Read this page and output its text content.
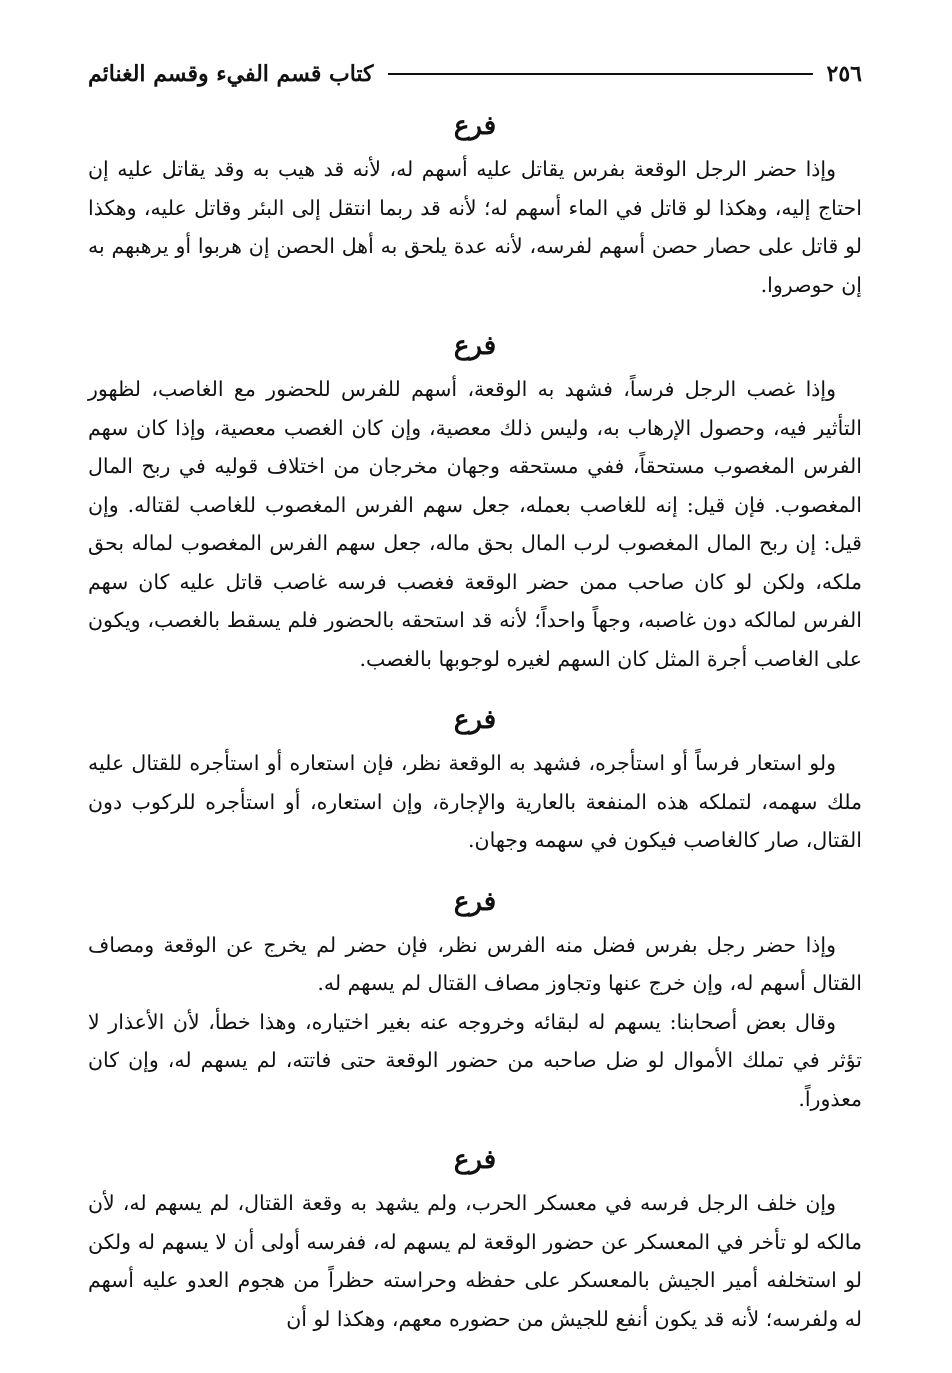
٢٥٦
كتاب قسم الفيء وقسم الغنائم
فرع

وإذا حضر الرجل الوقعة بفرس يقاتل عليه أسهم له، لأنه قد هيب به وقد يقاتل عليه إن احتاج إليه، وهكذا لو قاتل في الماء أسهم له؛ لأنه قد ربما انتقل إلى البئر وقاتل عليه، وهكذا لو قاتل على حصار حصن أسهم لفرسه، لأنه عدة يلحق به أهل الحصن إن هربوا أو يرهبهم به إن حوصروا.

فرع

وإذا غصب الرجل فرساً، فشهد به الوقعة، أسهم للفرس للحضور مع الغاصب، لظهور التأثير فيه، وحصول الإرهاب به، وليس ذلك معصية، وإن كان الغصب معصية، وإذا كان سهم الفرس المغصوب مستحقاً، ففي مستحقه وجهان مخرجان من اختلاف قوليه في ربح المال المغصوب. فإن قيل: إنه للغاصب بعمله، جعل سهم الفرس المغصوب للغاصب لقتاله. وإن قيل: إن ربح المال المغصوب لرب المال بحق ماله، جعل سهم الفرس المغصوب لماله بحق ملكه، ولكن لو كان صاحب ممن حضر الوقعة فغصب فرسه غاصب قاتل عليه كان سهم الفرس لمالكه دون غاصبه، وجهاً واحداً؛ لأنه قد استحقه بالحضور فلم يسقط بالغصب، ويكون على الغاصب أجرة المثل كان السهم لغيره لوجوبها بالغصب.

فرع

ولو استعار فرساً أو استأجره، فشهد به الوقعة نظر، فإن استعاره أو استأجره للقتال عليه ملك سهمه، لتملكه هذه المنفعة بالعارية والإجارة، وإن استعاره، أو استأجره للركوب دون القتال، صار كالغاصب فيكون في سهمه وجهان.

فرع

وإذا حضر رجل بفرس فضل منه الفرس نظر، فإن حضر لم يخرج عن الوقعة ومصاف القتال أسهم له، وإن خرج عنها وتجاوز مصاف القتال لم يسهم له.

وقال بعض أصحابنا: يسهم له لبقائه وخروجه عنه بغير اختياره، وهذا خطأ، لأن الأعذار لا تؤثر في تملك الأموال لو ضل صاحبه من حضور الوقعة حتى فاتته، لم يسهم له، وإن كان معذوراً.

فرع

وإن خلف الرجل فرسه في معسكر الحرب، ولم يشهد به وقعة القتال، لم يسهم له، لأن مالكه لو تأخر في المعسكر عن حضور الوقعة لم يسهم له، ففرسه أولى أن لا يسهم له ولكن لو استخلفه أمير الجيش بالمعسكر على حفظه وحراسته حظراً من هجوم العدو عليه أسهم له ولفرسه؛ لأنه قد يكون أنفع للجيش من حضوره معهم، وهكذا لو أن
